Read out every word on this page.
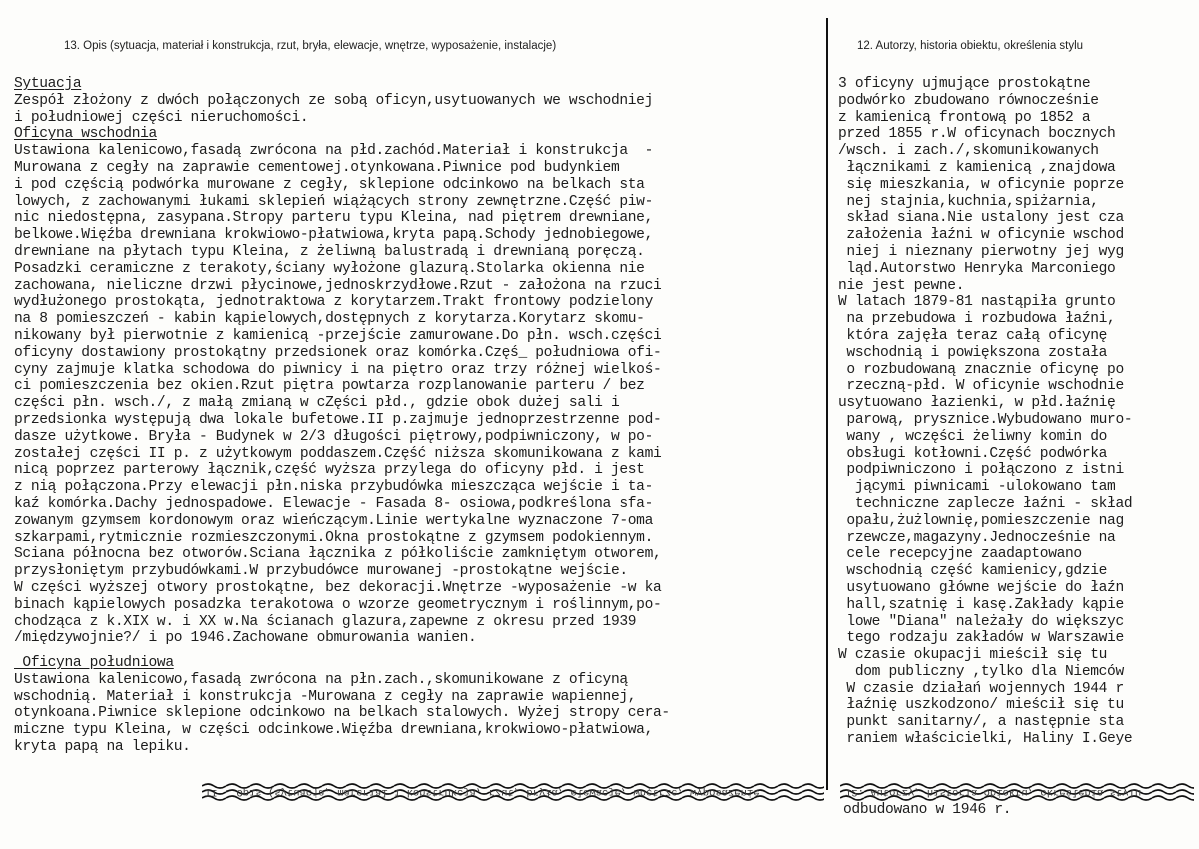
13. Opis (sytuacja, materiał i konstrukcja, rzut, bryła, elewacje, wnętrze, wyposażenie, instalacje)	12. Autorzy, historia obiektu, określenia stylu
Sytuacja
Zespół złożony z dwóch połączonych ze sobą oficyn,usytuowanych we wschodniej
i południowej części nieruchomości.
Oficyna wschodnia
Ustawiona kalenicowo,fasadą zwrócona na płd.zachód.Materiał i konstrukcja  -
Murowana z cegły na zaprawie cementowej.otynkowana.Piwnice pod budynkiem
i pod częścią podwórka murowane z cegły, sklepione odcinkowo na belkach sta
lowych, z zachowanymi łukami sklepień wiążących strony zewnętrzne.Część piw-
nic niedostępna, zasypana.Stropy parteru typu Kleina, nad piętrem drewniane,
belkowe.Więźba drewniana krokwiowo-płatwiowa,kryta papą.Schody jednobiegowe,
drewniane na płytach typu Kleina, z żeliwną balustradą i drewnianą poręczą.
Posadzki ceramiczne z terakoty,ściany wyłożone glazurą.Stolarka okienna nie
zachowana, nieliczne drzwi płycinowe,jednoskrzydłowe.Rzut - założona na rzuci
wydłużonego prostokąta, jednotraktowa z korytarzem.Trakt frontowy podzielony
na 8 pomieszczeń - kabin kąpielowych,dostępnych z korytarza.Korytarz skomu-
nikowany był pierwotnie z kamienicą -przejście zamurowane.Do płn. wsch.części
oficyny dostawiony prostokątny przedsionek oraz komórka.Częś_ południowa ofi-
cyny zajmuje klatka schodowa do piwnicy i na piętro oraz trzy różnej wielkoś-
ci pomieszczenia bez okien.Rzut piętra powtarza rozplanowanie parteru / bez
części płn. wsch./, z małą zmianą w cZęści płd., gdzie obok dużej sali i
przedsionka występują dwa lokale bufetowe.II p.zajmuje jednoprzestrzenne pod-
dasze użytkowe. Bryła - Budynek w 2/3 długości piętrowy,podpiwniczony, w po-
zostałej części II p. z użytkowym poddaszem.Część niższa skomunikowana z kami
nicą poprzez parterowy łącznik,część wyższa przylega do oficyny płd. i jest
z nią połączona.Przy elewacji płn.niska przybudówka mieszcząca wejście i ta-
kaź komórka.Dachy jednospadowe. Elewacje - Fasada 8- osiowa,podkreślona sfa-
zowanym gzymsem kordonowym oraz wieńczącym.Linie wertykalne wyznaczone 7-oma
szkarpami,rytmicznie rozmieszczonymi.Okna prostokątne z gzymsem podokiennym.
Sciana północna bez otworów.Sciana łącznika z półkoliście zamkniętym otworem,
przysłoniętym przybudówkami.W przybudówce murowanej -prostokątne wejście.
W części wyższej otwory prostokątne, bez dekoracji.Wnętrze -wyposażenie -w ka
binach kąpielowych posadzka terakotowa o wzorze geometrycznym i roślinnym,po-
chodząca z k.XIX w. i XX w.Na ścianach glazura,zapewne z okresu przed 1939
/międzywojnie?/ i po 1946.Zachowane obmurowania wanien.
Oficyna południowa
Ustawiona kalenicowo,fasadą zwrócona na płn.zach.,skomunikowane z oficyną
wschodnią. Materiał i konstrukcja -Murowana z cegły na zaprawie wapiennej,
otynkoana.Piwnice sklepione odcinkowo na belkach stalowych. Wyżej stropy cera-
miczne typu Kleina, w części odcinkowe.Więźba drewniana,krokwiowo-płatwiowa,
kryta papą na lepiku.
3 oficyny ujmujące prostokątne
podwórko zbudowano równocześnie
z kamienicą frontową po 1852 a
przed 1855 r.W oficynach bocznych
/wsch. i zach./,skomunikowanych
łącznikami z kamienicą ,znajdowa
się mieszkania, w oficynie poprze
nej stajnia,kuchnia,spiżarnia,
skład siana.Nie ustalony jest cza
założenia łaźni w oficynie wschod
niej i nieznany pierwotny jej wyg
ląd.Autorstwo Henryka Marconiego
nie jest pewne.
W latach 1879-81 nastąpiła grunto
na przebudowa i rozbudowa łaźni,
która zajęła teraz całą oficynę
wschodnią i powiększona została
o rozbudowaną znacznie oficynę po
rzeczną-płd. W oficynie wschodnie
usytuowano łazienki, w płd.łaźnię
parową, prysznice.Wybudowano muro-
wany , wczęści żeliwny komin do
obsługi kotłowni.Część podwórka
podpiwniczono i połączono z istni
jącymi piwnicami -ulokowano tam
techniczne zaplecze łaźni - skład
opału,żużlownię,pomieszczenie nag
rzewcze,magazyny.Jednocześnie na
cele recepcyjne zaadaptowano
wschodnią część kamienicy,gdzie
usytuowano główne wejście do łaźn
hall,szatnię i kasę.Zakłady kąpie
lowe "Diana" należały do większyc
tego rodzaju zakładów w Warszawie
W czasie okupacji mieścił się tu
dom publiczny ,tylko dla Niemców
W czasie działań wojennych 1944 r
łaźnię uszkodzono/ mieścił się tu
punkt sanitarny/, a następnie sta
raniem właścicielki, Haliny I.Geye
II . Opis (sytuacja, materiał i konstrukcja, rzut, bryła, elewacje, wnętrze, wyposażenie	12. Autorzy, historia obiektu, określenia stylu
odbudowano w 1946 r.
